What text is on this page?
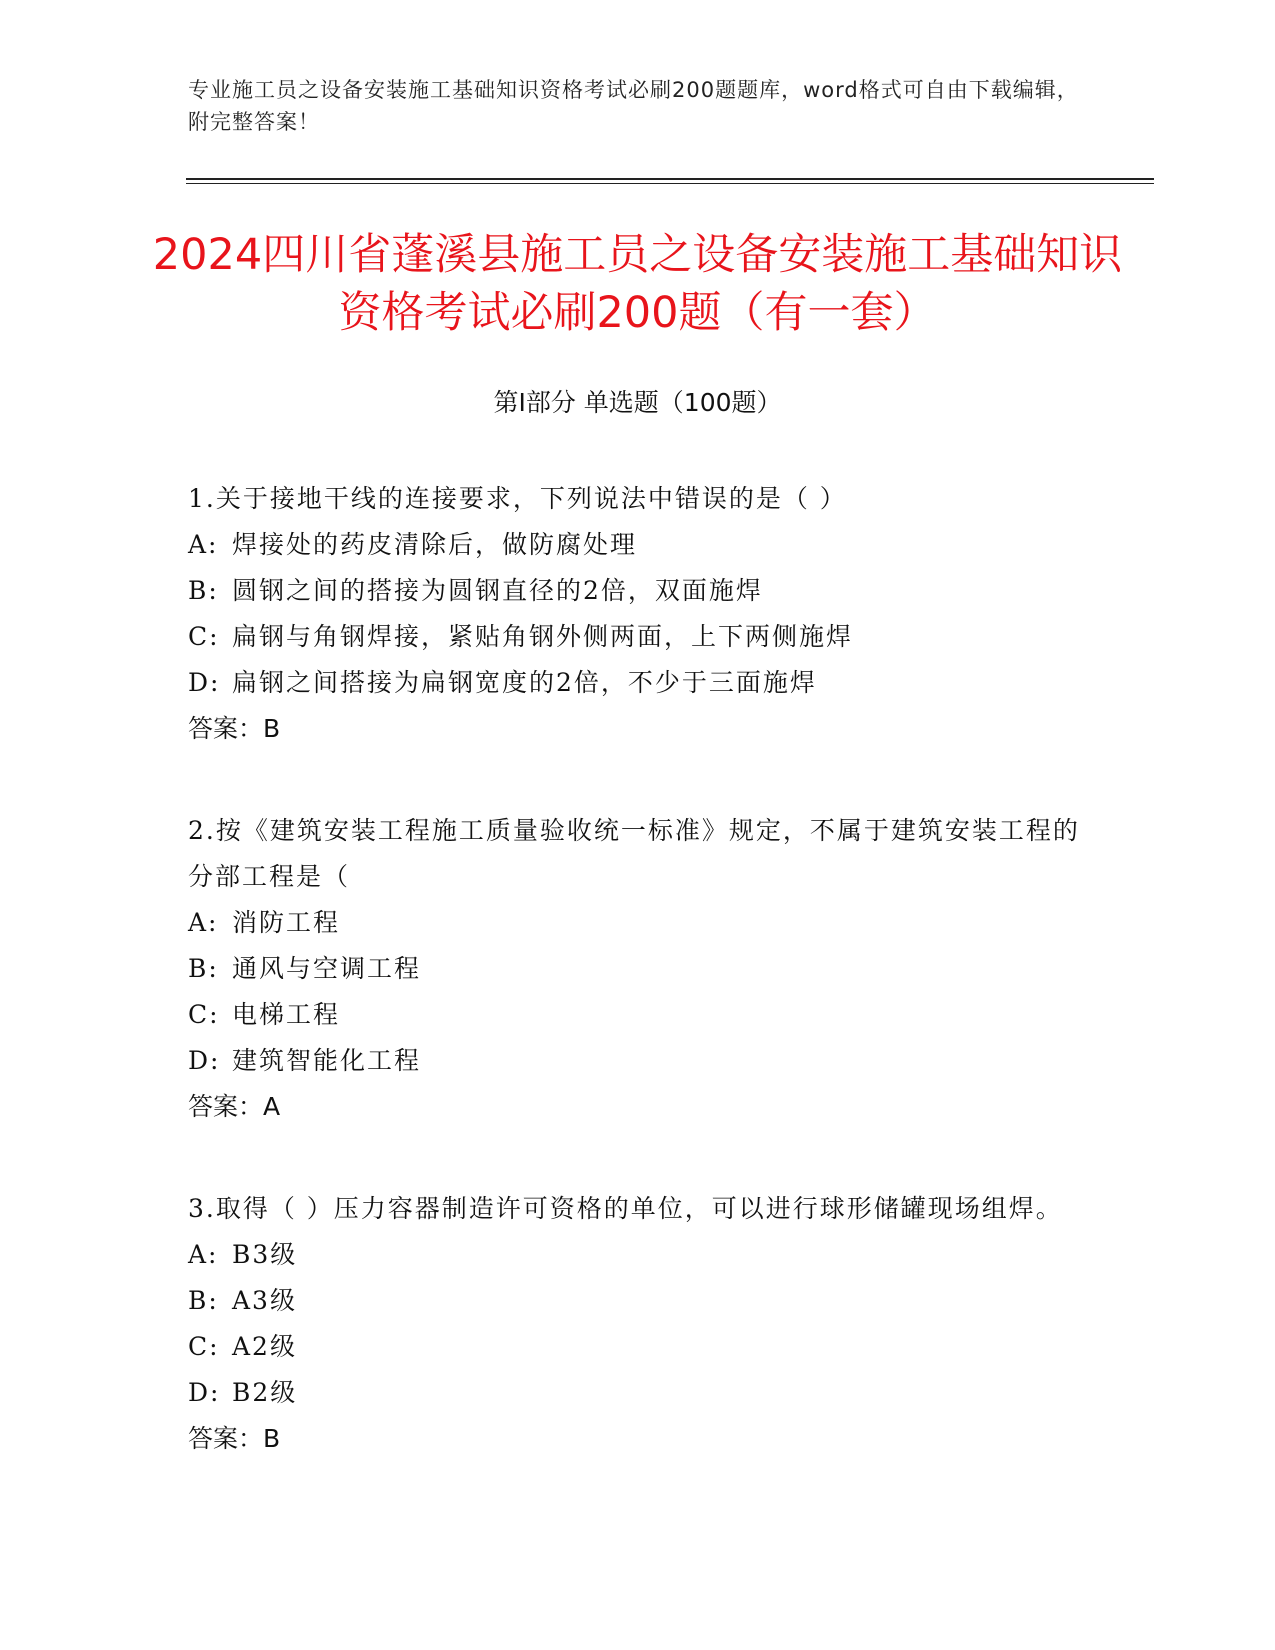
专业施工员之设备安装施工基础知识资格考试必刷200题题库，word格式可自由下载编辑，附完整答案！
2024四川省蓬溪县施工员之设备安装施工基础知识资格考试必刷200题（有一套）
第Ⅰ部分 单选题（100题）
1.关于接地干线的连接要求，下列说法中错误的是（ ）
A: 焊接处的药皮清除后，做防腐处理
B: 圆钢之间的搭接为圆钢直径的2倍，双面施焊
C: 扁钢与角钢焊接，紧贴角钢外侧两面，上下两侧施焊
D: 扁钢之间搭接为扁钢宽度的2倍，不少于三面施焊
答案：B
2.按《建筑安装工程施工质量验收统一标准》规定，不属于建筑安装工程的分部工程是（
A: 消防工程
B: 通风与空调工程
C: 电梯工程
D: 建筑智能化工程
答案：A
3.取得（ ）压力容器制造许可资格的单位，可以进行球形储罐现场组焊。
A: B3级
B: A3级
C: A2级
D: B2级
答案：B
